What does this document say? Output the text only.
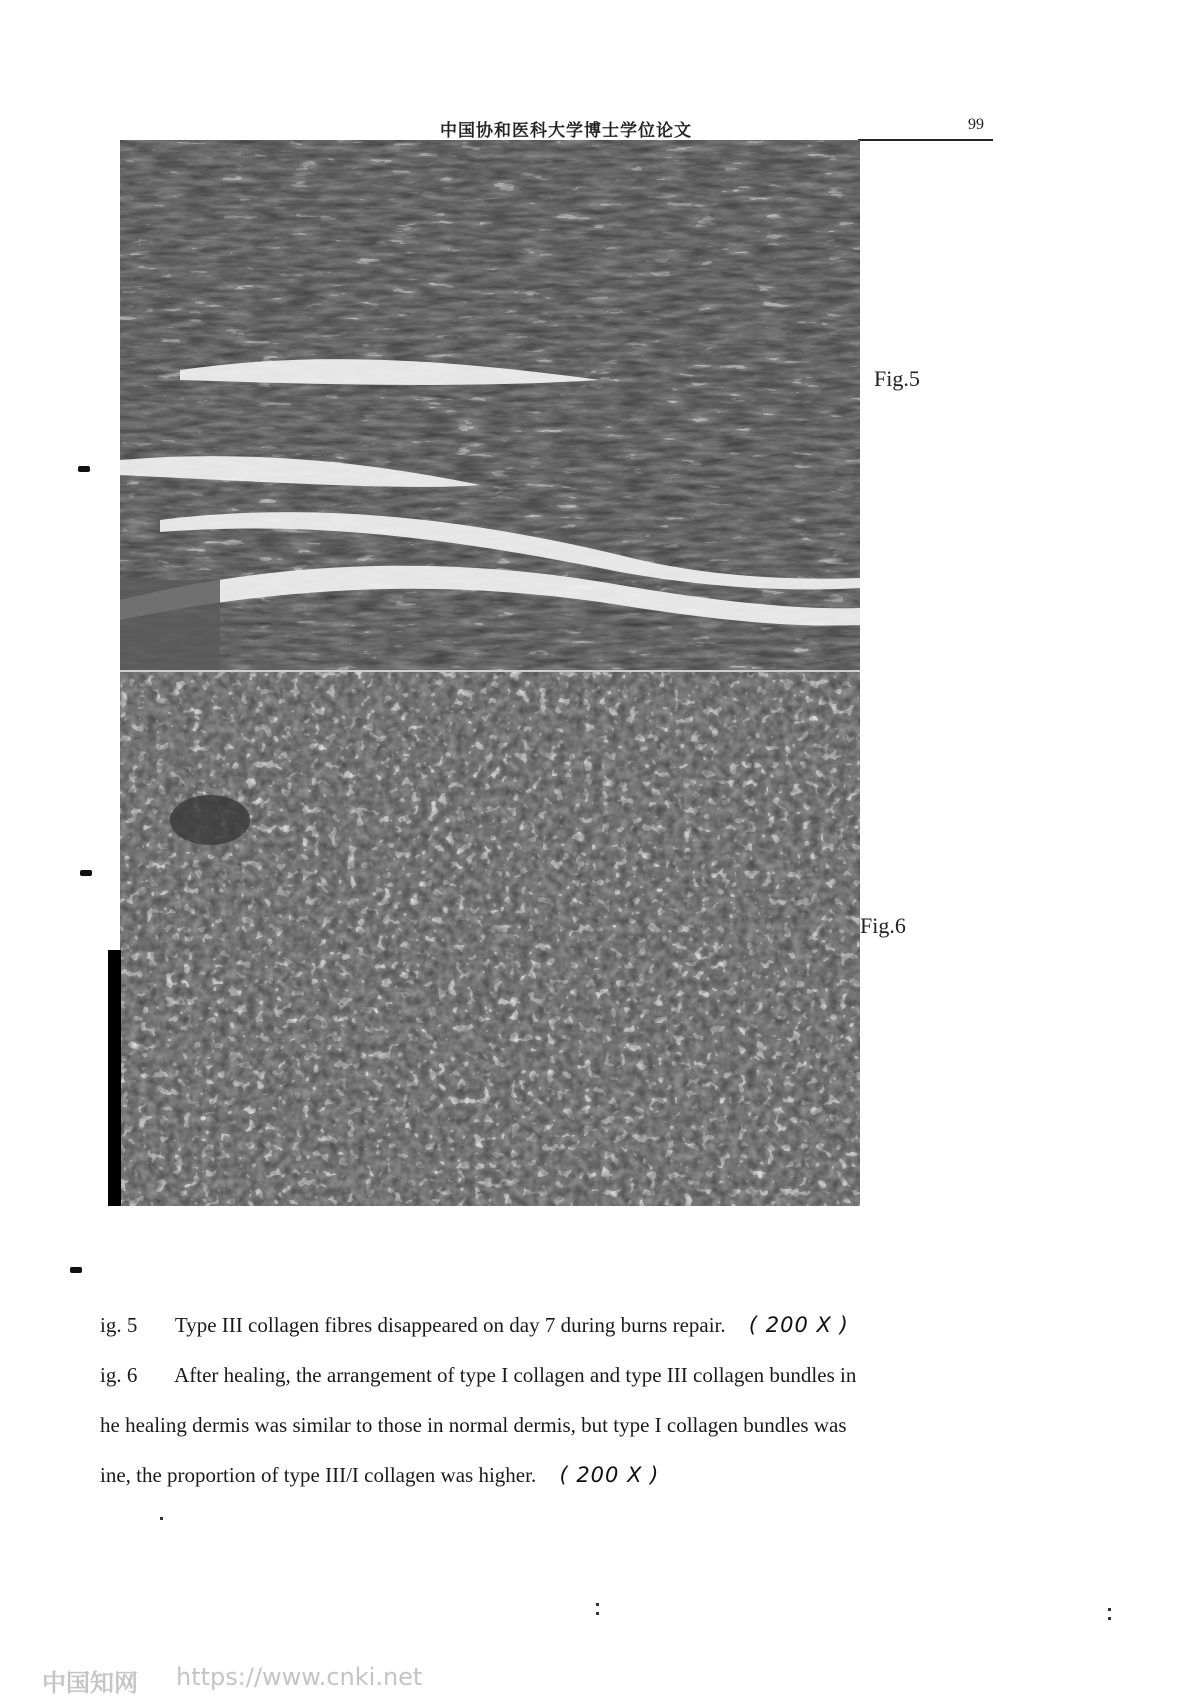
中国协和医科大学博士学位论文	99
Fig.5
Fig.6
ig. 5 Type III collagen fibres disappeared on day 7 during burns repair. ( 200 X )
ig. 6 After healing, the arrangement of type I collagen and type III collagen bundles in
he healing dermis was similar to those in normal dermis, but type I collagen bundles was
ine, the proportion of type III/I collagen was higher. ( 200 X )
中国知网 https://www.cnki.net
